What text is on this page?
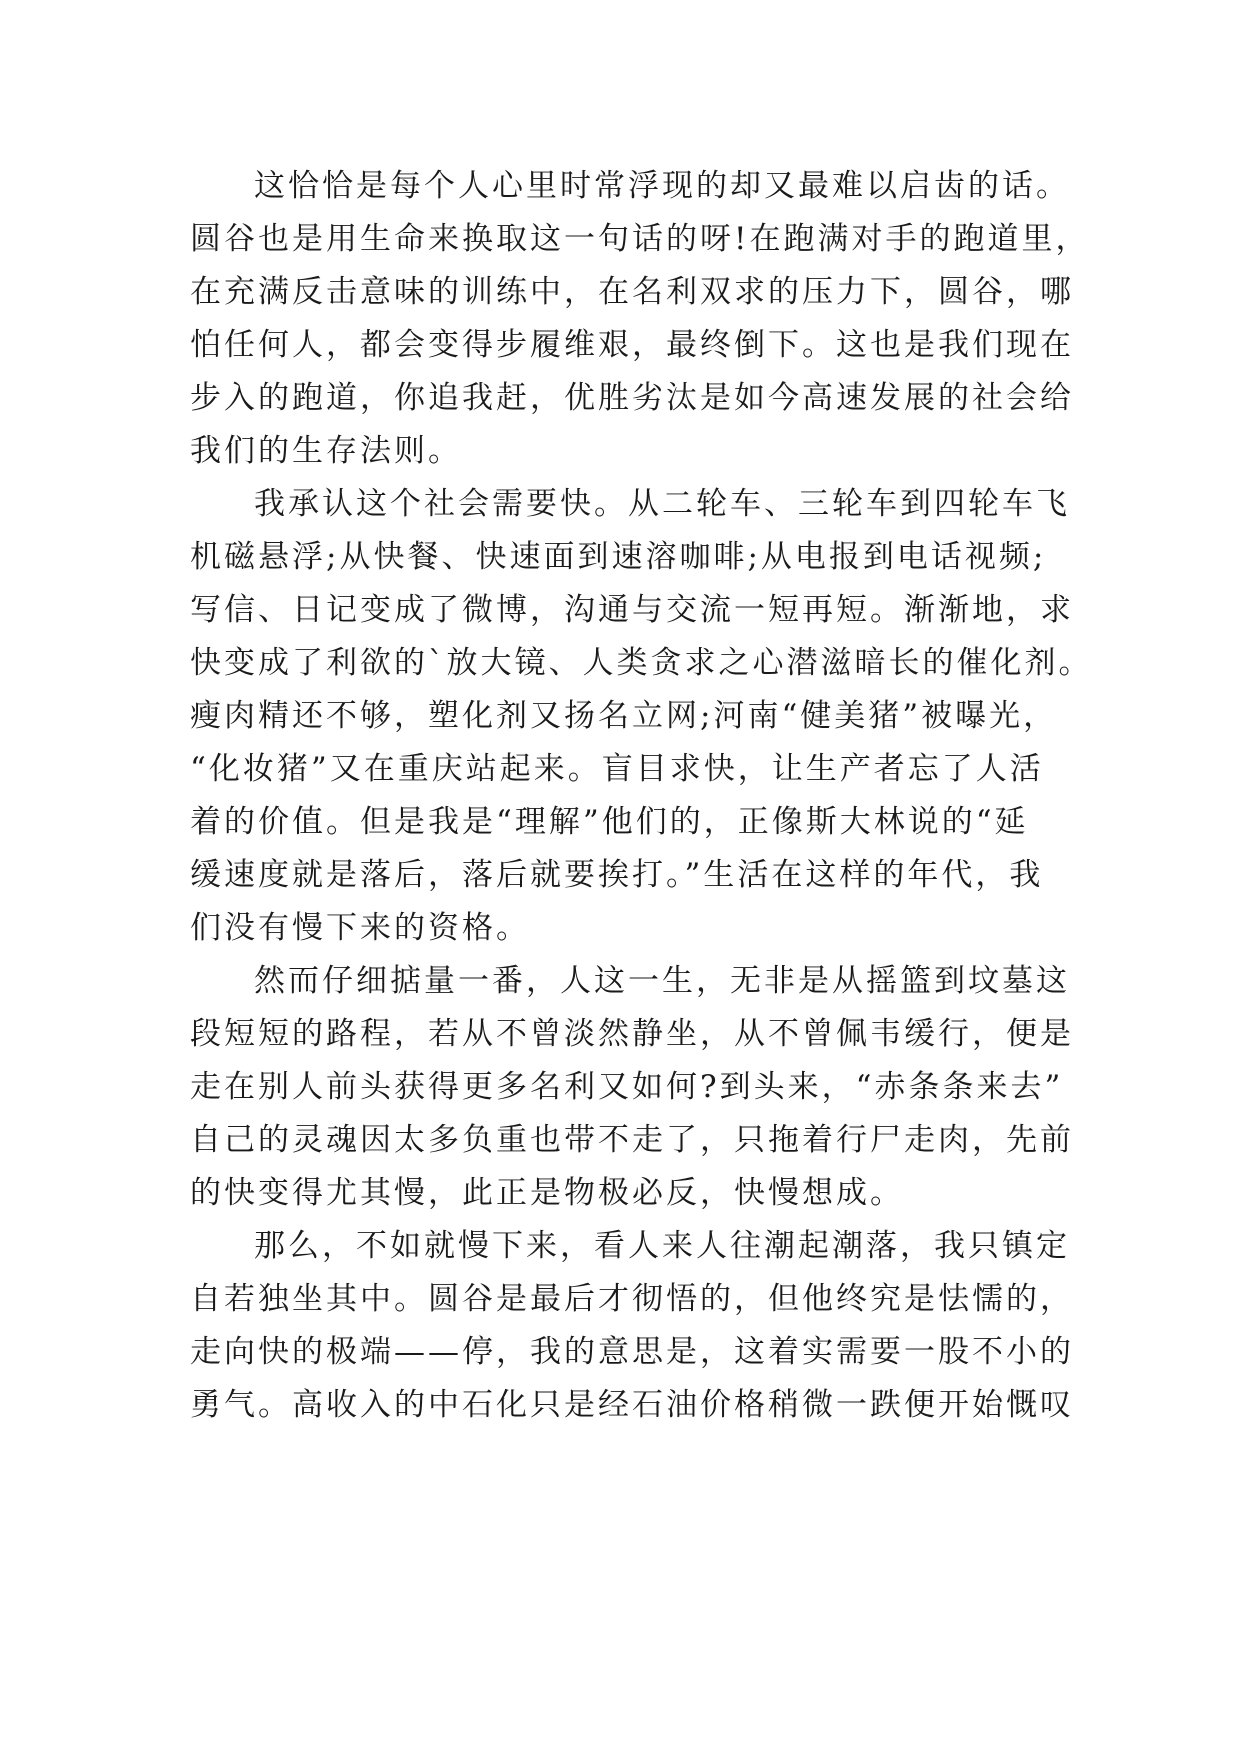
这恰恰是每个人心里时常浮现的却又最难以启齿的话。
圆谷也是用生命来换取这一句话的呀!在跑满对手的跑道里，
在充满反击意味的训练中，在名利双求的压力下，圆谷，哪
怕任何人，都会变得步履维艰，最终倒下。这也是我们现在
步入的跑道，你追我赶，优胜劣汰是如今高速发展的社会给
我们的生存法则。
我承认这个社会需要快。从二轮车、三轮车到四轮车飞
机磁悬浮;从快餐、快速面到速溶咖啡;从电报到电话视频;
写信、日记变成了微博，沟通与交流一短再短。渐渐地，求
快变成了利欲的`放大镜、人类贪求之心潜滋暗长的催化剂。
瘦肉精还不够，塑化剂又扬名立网;河南“健美猪”被曝光，
“化妆猪”又在重庆站起来。盲目求快，让生产者忘了人活
着的价值。但是我是“理解”他们的，正像斯大林说的“延
缓速度就是落后，落后就要挨打。”生活在这样的年代，我
们没有慢下来的资格。
然而仔细掂量一番，人这一生，无非是从摇篮到坟墓这
段短短的路程，若从不曾淡然静坐，从不曾佩韦缓行，便是
走在别人前头获得更多名利又如何?到头来，“赤条条来去”
自己的灵魂因太多负重也带不走了，只拖着行尸走肉，先前
的快变得尤其慢，此正是物极必反，快慢想成。
那么，不如就慢下来，看人来人往潮起潮落，我只镇定
自若独坐其中。圆谷是最后才彻悟的，但他终究是怯懦的，
走向快的极端——停，我的意思是，这着实需要一股不小的
勇气。高收入的中石化只是经石油价格稍微一跌便开始慨叹
